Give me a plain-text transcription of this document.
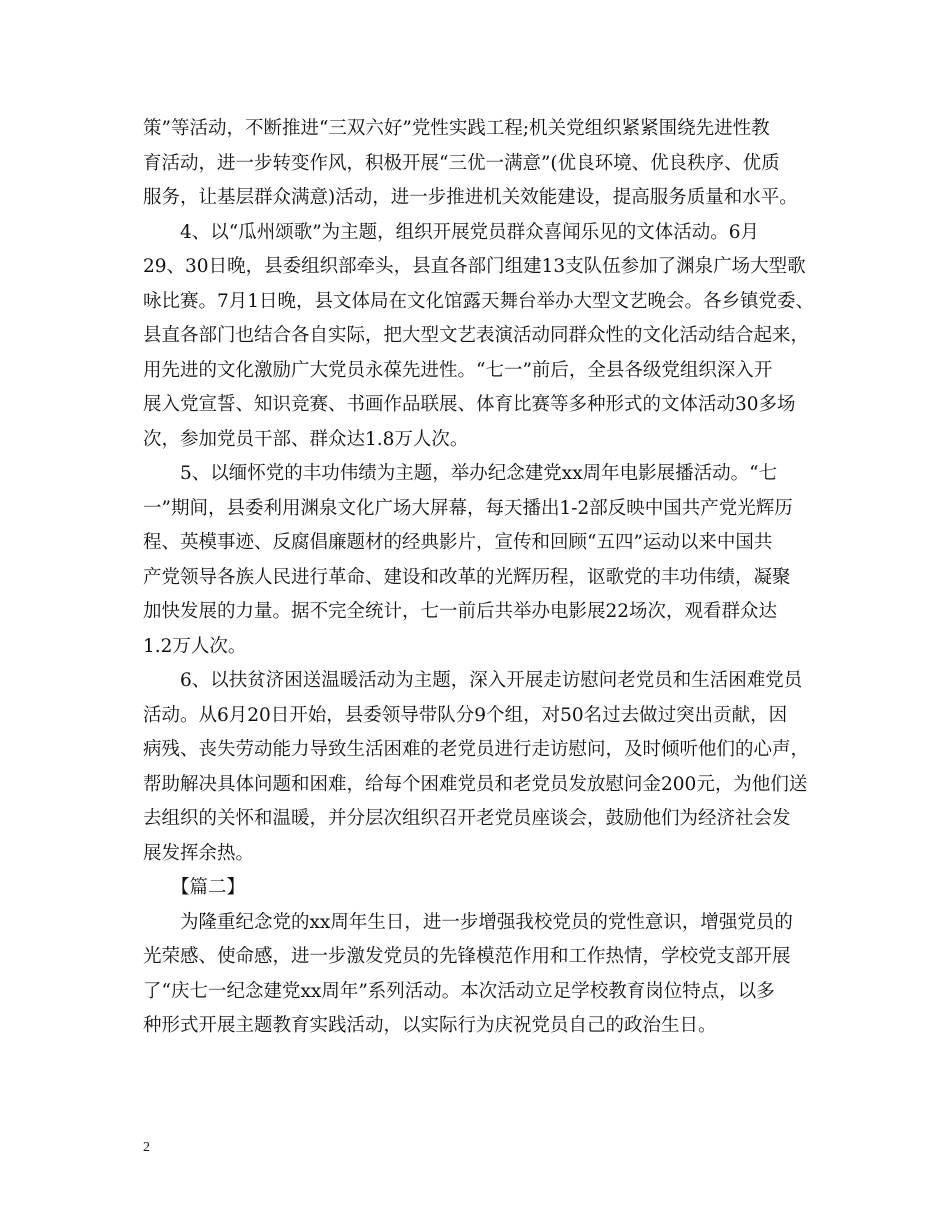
策”等活动，不断推进“三双六好”党性实践工程;机关党组织紧紧围绕先进性教
育活动，进一步转变作风，积极开展“三优一满意”(优良环境、优良秩序、优质
服务，让基层群众满意)活动，进一步推进机关效能建设，提高服务质量和水平。
4、以“瓜州颂歌”为主题，组织开展党员群众喜闻乐见的文体活动。6月
29、30日晚，县委组织部牵头，县直各部门组建13支队伍参加了渊泉广场大型歌
咏比赛。7月1日晚，县文体局在文化馆露天舞台举办大型文艺晚会。各乡镇党委、
县直各部门也结合各自实际，把大型文艺表演活动同群众性的文化活动结合起来，
用先进的文化激励广大党员永葆先进性。“七一”前后，全县各级党组织深入开
展入党宣誓、知识竞赛、书画作品联展、体育比赛等多种形式的文体活动30多场
次，参加党员干部、群众达1.8万人次。
5、以缅怀党的丰功伟绩为主题，举办纪念建党xx周年电影展播活动。“七
一”期间，县委利用渊泉文化广场大屏幕，每天播出1-2部反映中国共产党光辉历
程、英模事迹、反腐倡廉题材的经典影片，宣传和回顾“五四”运动以来中国共
产党领导各族人民进行革命、建设和改革的光辉历程，讴歌党的丰功伟绩，凝聚
加快发展的力量。据不完全统计，七一前后共举办电影展22场次，观看群众达
1.2万人次。
6、以扶贫济困送温暖活动为主题，深入开展走访慰问老党员和生活困难党员
活动。从6月20日开始，县委领导带队分9个组，对50名过去做过突出贡献，因
病残、丧失劳动能力导致生活困难的老党员进行走访慰问，及时倾听他们的心声，
帮助解决具体问题和困难，给每个困难党员和老党员发放慰问金200元，为他们送
去组织的关怀和温暖，并分层次组织召开老党员座谈会，鼓励他们为经济社会发
展发挥余热。
【篇二】
为隆重纪念党的xx周年生日，进一步增强我校党员的党性意识，增强党员的
光荣感、使命感，进一步激发党员的先锋模范作用和工作热情，学校党支部开展
了“庆七一纪念建党xx周年”系列活动。本次活动立足学校教育岗位特点，以多
种形式开展主题教育实践活动，以实际行为庆祝党员自己的政治生日。
2
